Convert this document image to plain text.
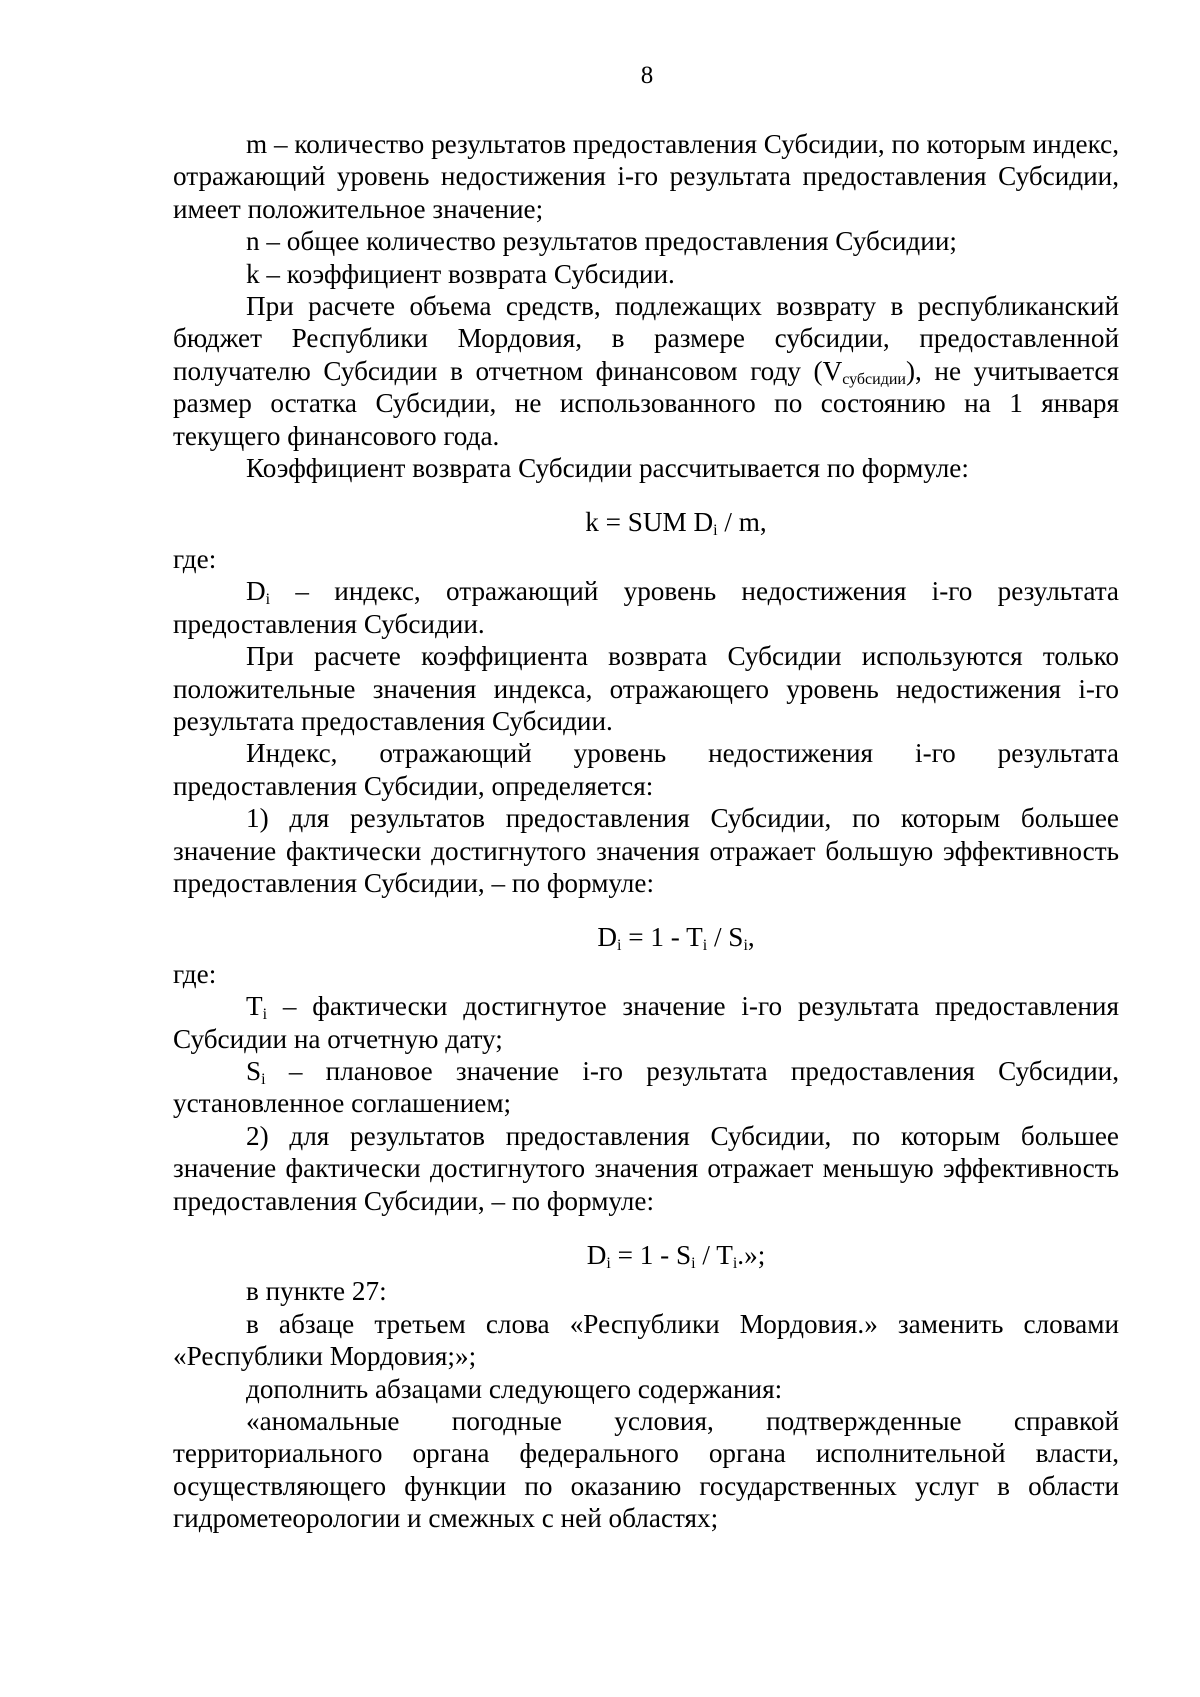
8

m – количество результатов предоставления Субсидии, по которым индекс, отражающий уровень недостижения i-го результата предоставления Субсидии, имеет положительное значение;

n – общее количество результатов предоставления Субсидии;

k – коэффициент возврата Субсидии.

При расчете объема средств, подлежащих возврату в республиканский бюджет Республики Мордовия, в размере субсидии, предоставленной получателю Субсидии в отчетном финансовом году $(V_{субсидии})$, не учитывается размер остатка Субсидии, не использованного по состоянию на 1 января текущего финансового года.

Коэффициент возврата Субсидии рассчитывается по формуле:

k = SUM $D_i$ / m,

где:

$D_i$ – индекс, отражающий уровень недостижения i-го результата предоставления Субсидии.

При расчете коэффициента возврата Субсидии используются только положительные значения индекса, отражающего уровень недостижения i-го результата предоставления Субсидии.

Индекс, отражающий уровень недостижения i-го результата предоставления Субсидии, определяется:

1) для результатов предоставления Субсидии, по которым большее значение фактически достигнутого значения отражает большую эффективность предоставления Субсидии, – по формуле:

$D_i = 1 - T_i / S_i$,

где:

$T_i$ – фактически достигнутое значение i-го результата предоставления Субсидии на отчетную дату;

$S_i$ – плановое значение i-го результата предоставления Субсидии, установленное соглашением;

2) для результатов предоставления Субсидии, по которым большее значение фактически достигнутого значения отражает меньшую эффективность предоставления Субсидии, – по формуле:

$D_i = 1 - S_i / T_i$.»;

в пункте 27:

в абзаце третьем слова «Республики Мордовия.» заменить словами «Республики Мордовия;»;

дополнить абзацами следующего содержания:

«аномальные погодные условия, подтвержденные справкой территориального органа федерального органа исполнительной власти, осуществляющего функции по оказанию государственных услуг в области гидрометеорологии и смежных с ней областях;
